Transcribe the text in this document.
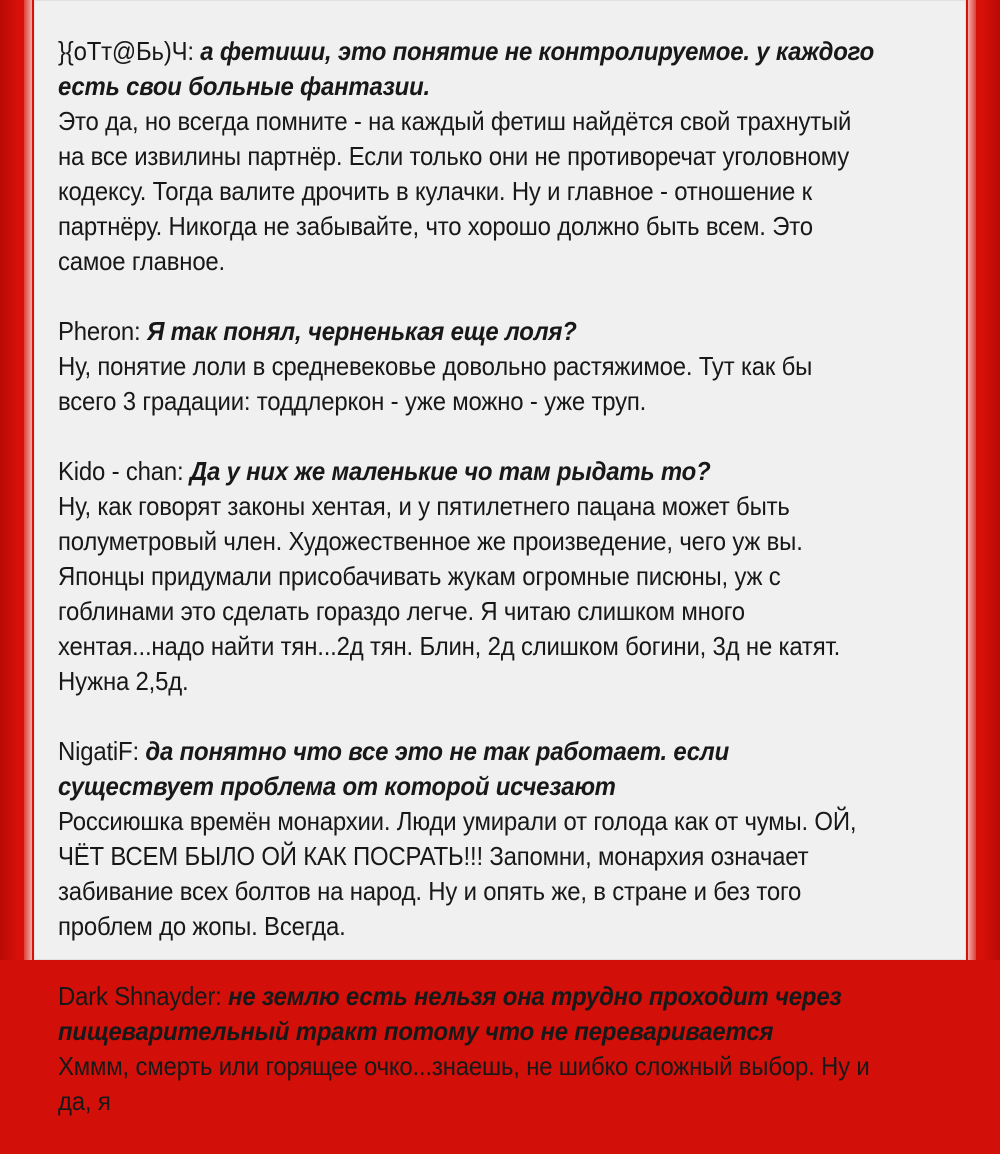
}{оТт@Бь)Ч: а фетиши, это понятие не контролируемое. у каждого есть свои больные фантазии.

Это да, но всегда помните - на каждый фетиш найдётся свой трахнутый на все извилины партнёр. Если только они не противоречат уголовному кодексу. Тогда валите дрочить в кулачки. Ну и главное - отношение к партнёру. Никогда не забывайте, что хорошо должно быть всем. Это самое главное.

Pheron: Я так понял, черненькая еще лоля?

Ну, понятие лоли в средневековье довольно растяжимое. Тут как бы всего 3 градации: тоддлеркон - уже можно - уже труп.

Kido - chan: Да у них же маленькие чо там рыдать то?

Ну, как говорят законы хентая, и у пятилетнего пацана может быть полуметровый член. Художественное же произведение, чего уж вы. Японцы придумали присобачивать жукам огромные писюны, уж с гоблинами это сделать гораздо легче. Я читаю слишком много хентая...надо найти тян...2д тян. Блин, 2д слишком богини, 3д не катят. Нужна 2,5д.

NigatiF: да понятно что все это не так работает. если существует проблема от которой исчезают

Россиюшка времён монархии. Люди умирали от голода как от чумы. ОЙ, ЧЁТ ВСЕМ БЫЛО ОЙ КАК ПОСРАТЬ!!! Запомни, монархия означает забивание всех болтов на народ. Ну и опять же, в стране и без того проблем до жопы. Всегда.

Dark Shnayder: не землю есть нельзя она трудно проходит через пищеварительный тракт потому что не переваривается

Хммм, смерть или горящее очко...знаешь, не шибко сложный выбор. Ну и да, я
